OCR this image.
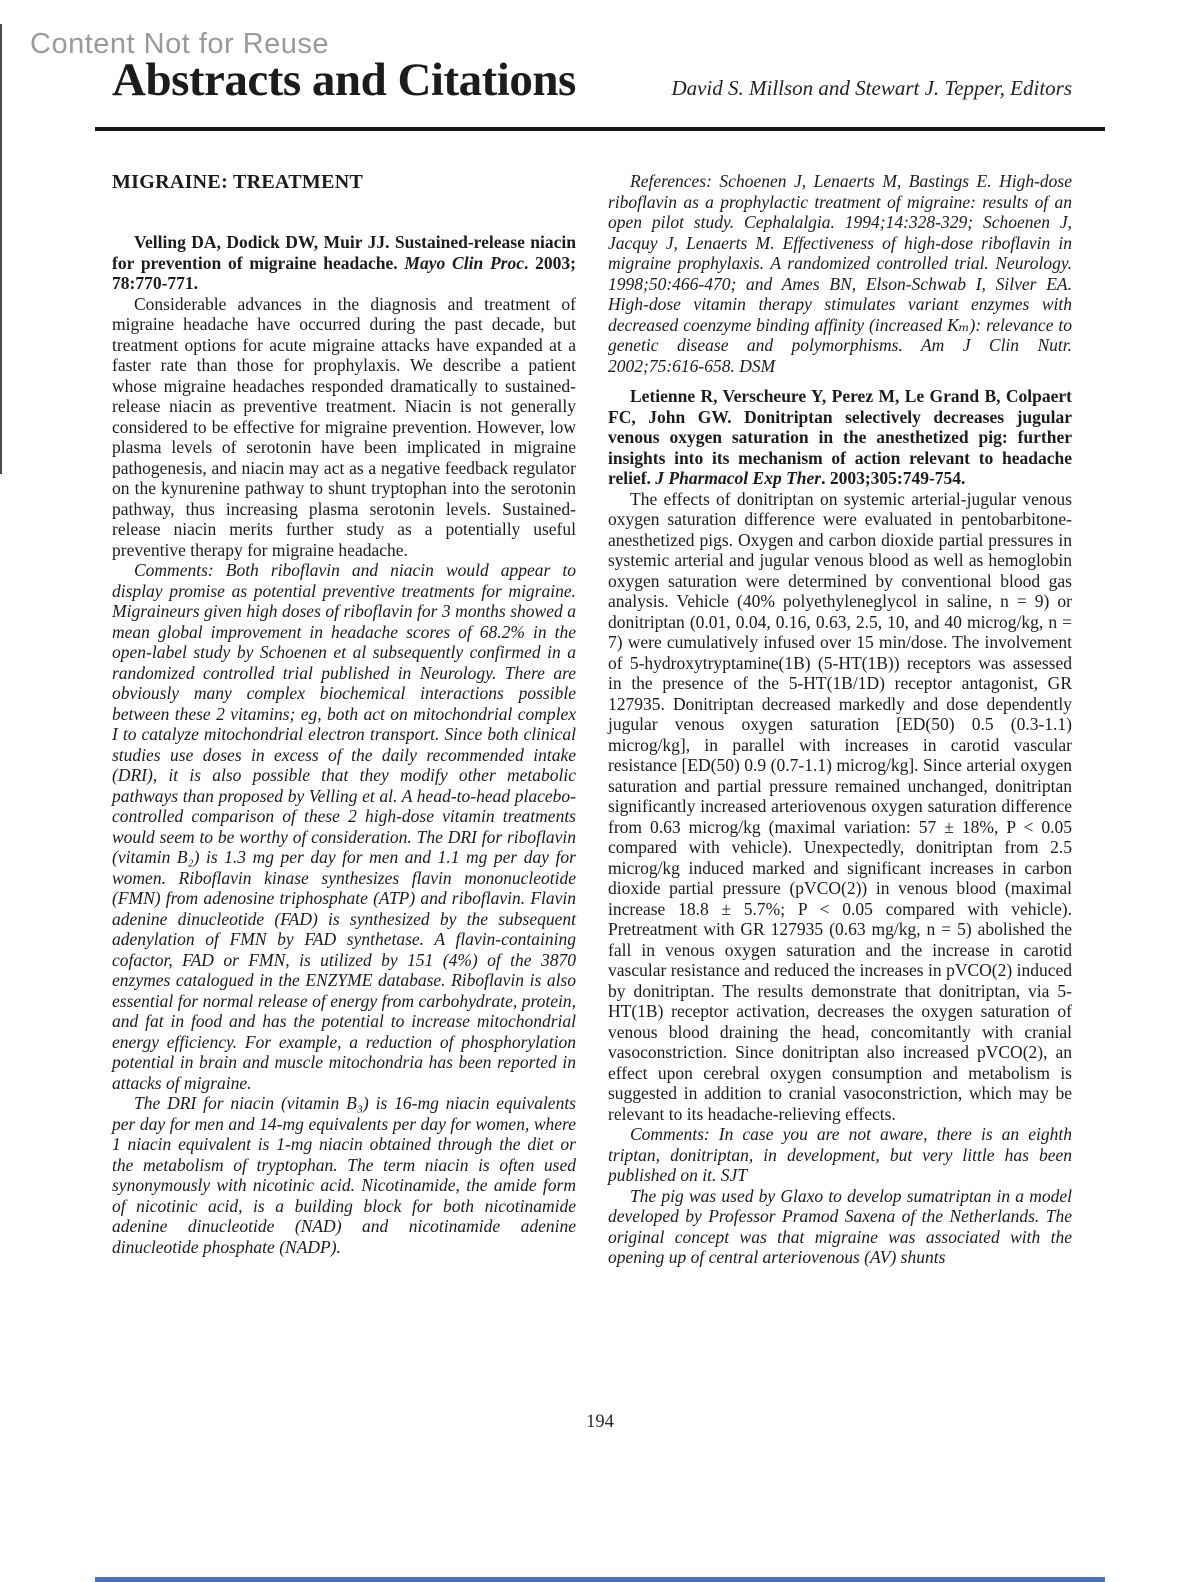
Content Not for Reuse
Abstracts and Citations	David S. Millson and Stewart J. Tepper, Editors
MIGRAINE: TREATMENT

Velling DA, Dodick DW, Muir JJ. Sustained-release niacin for prevention of migraine headache. Mayo Clin Proc. 2003; 78:770-771.

Considerable advances in the diagnosis and treatment of migraine headache have occurred during the past decade, but treatment options for acute migraine attacks have expanded at a faster rate than those for prophylaxis. We describe a patient whose migraine headaches responded dramatically to sustained-release niacin as preventive treatment. Niacin is not generally considered to be effective for migraine prevention. However, low plasma levels of serotonin have been implicated in migraine pathogenesis, and niacin may act as a negative feedback regulator on the kynurenine pathway to shunt tryptophan into the serotonin pathway, thus increasing plasma serotonin levels. Sustained-release niacin merits further study as a potentially useful preventive therapy for migraine headache.

Comments: Both riboflavin and niacin would appear to display promise as potential preventive treatments for migraine. Migraineurs given high doses of riboflavin for 3 months showed a mean global improvement in headache scores of 68.2% in the open-label study by Schoenen et al subsequently confirmed in a randomized controlled trial published in Neurology. There are obviously many complex biochemical interactions possible between these 2 vitamins; eg, both act on mitochondrial complex I to catalyze mitochondrial electron transport. Since both clinical studies use doses in excess of the daily recommended intake (DRI), it is also possible that they modify other metabolic pathways than proposed by Velling et al. A head-to-head placebo-controlled comparison of these 2 high-dose vitamin treatments would seem to be worthy of consideration. The DRI for riboflavin (vitamin B₂) is 1.3 mg per day for men and 1.1 mg per day for women. Riboflavin kinase synthesizes flavin mononucleotide (FMN) from adenosine triphosphate (ATP) and riboflavin. Flavin adenine dinucleotide (FAD) is synthesized by the subsequent adenylation of FMN by FAD synthetase. A flavin-containing cofactor, FAD or FMN, is utilized by 151 (4%) of the 3870 enzymes catalogued in the ENZYME database. Riboflavin is also essential for normal release of energy from carbohydrate, protein, and fat in food and has the potential to increase mitochondrial energy efficiency. For example, a reduction of phosphorylation potential in brain and muscle mitochondria has been reported in attacks of migraine.

The DRI for niacin (vitamin B₃) is 16-mg niacin equivalents per day for men and 14-mg equivalents per day for women, where 1 niacin equivalent is 1-mg niacin obtained through the diet or the metabolism of tryptophan. The term niacin is often used synonymously with nicotinic acid. Nicotinamide, the amide form of nicotinic acid, is a building block for both nicotinamide adenine dinucleotide (NAD) and nicotinamide adenine dinucleotide phosphate (NADP).

References: Schoenen J, Lenaerts M, Bastings E. High-dose riboflavin as a prophylactic treatment of migraine: results of an open pilot study. Cephalalgia. 1994;14:328-329; Schoenen J, Jacquy J, Lenaerts M. Effectiveness of high-dose riboflavin in migraine prophylaxis. A randomized controlled trial. Neurology. 1998;50:466-470; and Ames BN, Elson-Schwab I, Silver EA. High-dose vitamin therapy stimulates variant enzymes with decreased coenzyme binding affinity (increased Kₘ): relevance to genetic disease and polymorphisms. Am J Clin Nutr. 2002;75:616-658. DSM

Letienne R, Verscheure Y, Perez M, Le Grand B, Colpaert FC, John GW. Donitriptan selectively decreases jugular venous oxygen saturation in the anesthetized pig: further insights into its mechanism of action relevant to headache relief. J Pharmacol Exp Ther. 2003;305:749-754.

The effects of donitriptan on systemic arterial-jugular venous oxygen saturation difference were evaluated in pentobarbitone-anesthetized pigs. Oxygen and carbon dioxide partial pressures in systemic arterial and jugular venous blood as well as hemoglobin oxygen saturation were determined by conventional blood gas analysis. Vehicle (40% polyethyleneglycol in saline, n = 9) or donitriptan (0.01, 0.04, 0.16, 0.63, 2.5, 10, and 40 microg/kg, n = 7) were cumulatively infused over 15 min/dose. The involvement of 5-hydroxytryptamine(1B) (5-HT(1B)) receptors was assessed in the presence of the 5-HT(1B/1D) receptor antagonist, GR 127935. Donitriptan decreased markedly and dose dependently jugular venous oxygen saturation [ED(50) 0.5 (0.3-1.1) microg/kg], in parallel with increases in carotid vascular resistance [ED(50) 0.9 (0.7-1.1) microg/kg]. Since arterial oxygen saturation and partial pressure remained unchanged, donitriptan significantly increased arteriovenous oxygen saturation difference from 0.63 microg/kg (maximal variation: 57 ± 18%, P < 0.05 compared with vehicle). Unexpectedly, donitriptan from 2.5 microg/kg induced marked and significant increases in carbon dioxide partial pressure (pVCO(2)) in venous blood (maximal increase 18.8 ± 5.7%; P < 0.05 compared with vehicle). Pretreatment with GR 127935 (0.63 mg/kg, n = 5) abolished the fall in venous oxygen saturation and the increase in carotid vascular resistance and reduced the increases in pVCO(2) induced by donitriptan. The results demonstrate that donitriptan, via 5-HT(1B) receptor activation, decreases the oxygen saturation of venous blood draining the head, concomitantly with cranial vasoconstriction. Since donitriptan also increased pVCO(2), an effect upon cerebral oxygen consumption and metabolism is suggested in addition to cranial vasoconstriction, which may be relevant to its headache-relieving effects.

Comments: In case you are not aware, there is an eighth triptan, donitriptan, in development, but very little has been published on it. SJT

The pig was used by Glaxo to develop sumatriptan in a model developed by Professor Pramod Saxena of the Netherlands. The original concept was that migraine was associated with the opening up of central arteriovenous (AV) shunts

194
